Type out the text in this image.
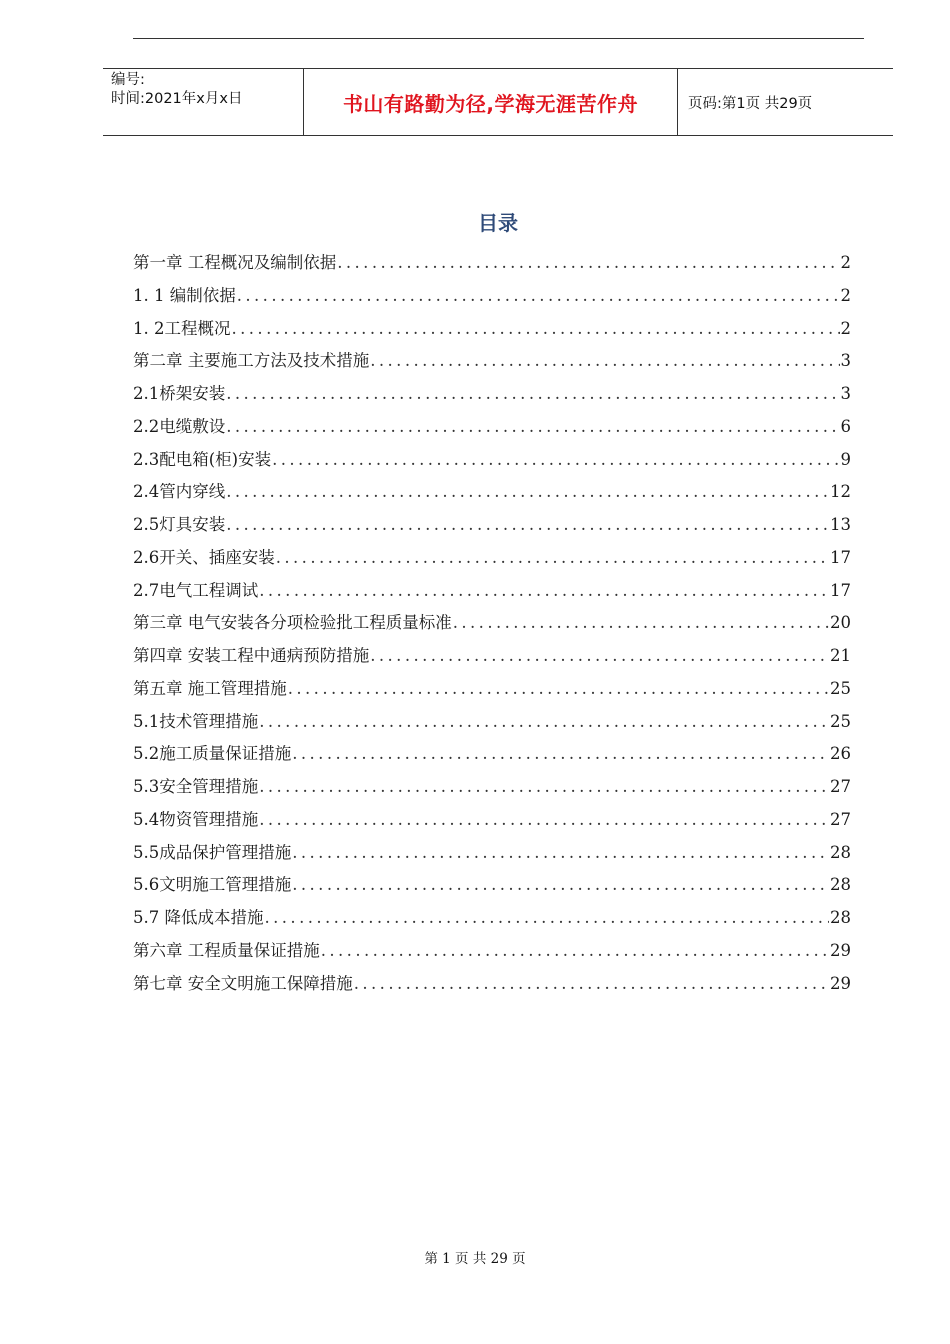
编号:
时间:2021年x月x日	书山有路勤为径,学海无涯苦作舟	页码:第1页 共29页
目录
第一章 工程概况及编制依据 .....	2
1. 1 编制依据 .....	2
1. 2工程概况 .....	2
第二章 主要施工方法及技术措施 .....	3
2.1桥架安装 .....	3
2.2电缆敷设 .....	6
2.3配电箱(柜)安装 .....	9
2.4管内穿线 .....	12
2.5灯具安装 .....	13
2.6开关、插座安装 .....	17
2.7电气工程调试 .....	17
第三章 电气安装各分项检验批工程质量标准 .....	20
第四章 安装工程中通病预防措施 .....	21
第五章 施工管理措施 .....	25
5.1技术管理措施 .....	25
5.2施工质量保证措施 .....	26
5.3安全管理措施 .....	27
5.4物资管理措施 .....	27
5.5成品保护管理措施 .....	28
5.6文明施工管理措施 .....	28
5.7 降低成本措施 .....	28
第六章 工程质量保证措施 .....	29
第七章 安全文明施工保障措施 .....	29
第 1 页 共 29 页
